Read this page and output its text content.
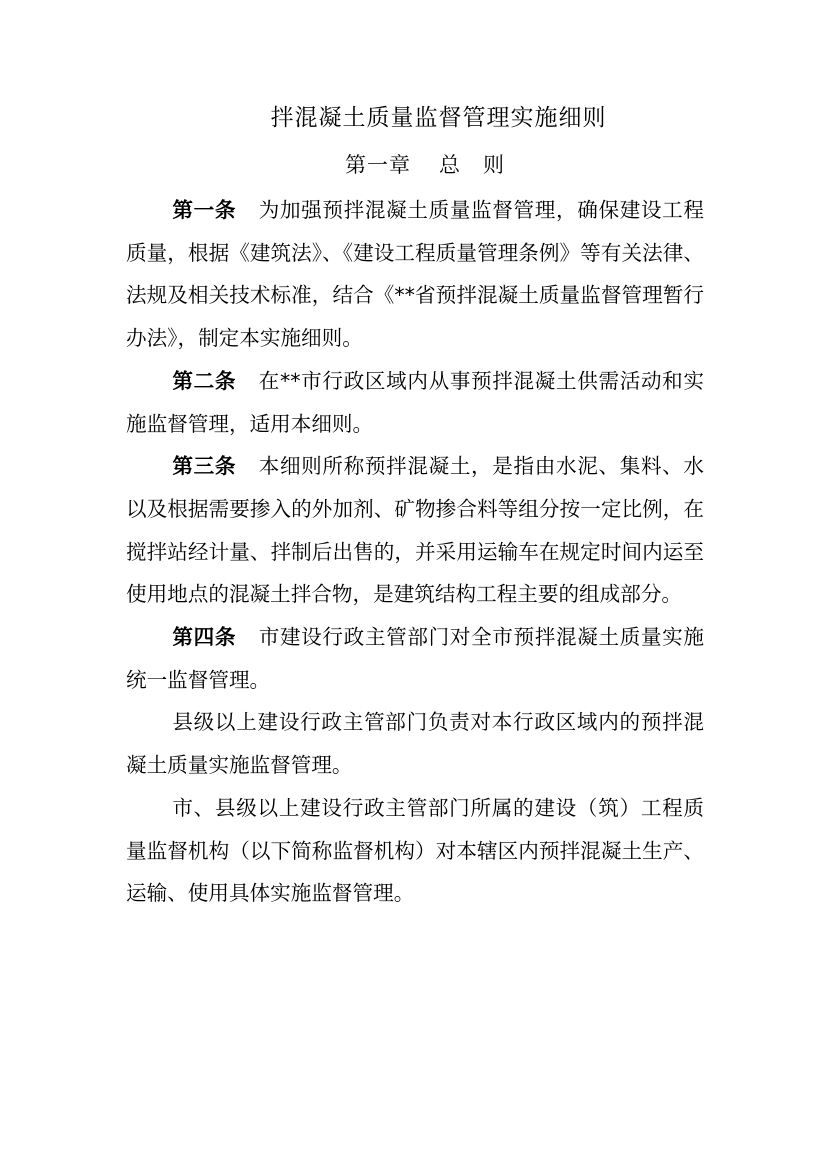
拌混凝土质量监督管理实施细则
第一章 总　则

第一条 为加强预拌混凝土质量监督管理，确保建设工程质量，根据《建筑法》、《建设工程质量管理条例》等有关法律、法规及相关技术标准，结合《**省预拌混凝土质量监督管理暂行办法》，制定本实施细则。

第二条 在**市行政区域内从事预拌混凝土供需活动和实施监督管理，适用本细则。

第三条 本细则所称预拌混凝土，是指由水泥、集料、水以及根据需要掺入的外加剂、矿物掺合料等组分按一定比例，在搅拌站经计量、拌制后出售的，并采用运输车在规定时间内运至使用地点的混凝土拌合物，是建筑结构工程主要的组成部分。

第四条 市建设行政主管部门对全市预拌混凝土质量实施统一监督管理。

县级以上建设行政主管部门负责对本行政区域内的预拌混凝土质量实施监督管理。

市、县级以上建设行政主管部门所属的建设（筑）工程质量监督机构（以下简称监督机构）对本辖区内预拌混凝土生产、运输、使用具体实施监督管理。
